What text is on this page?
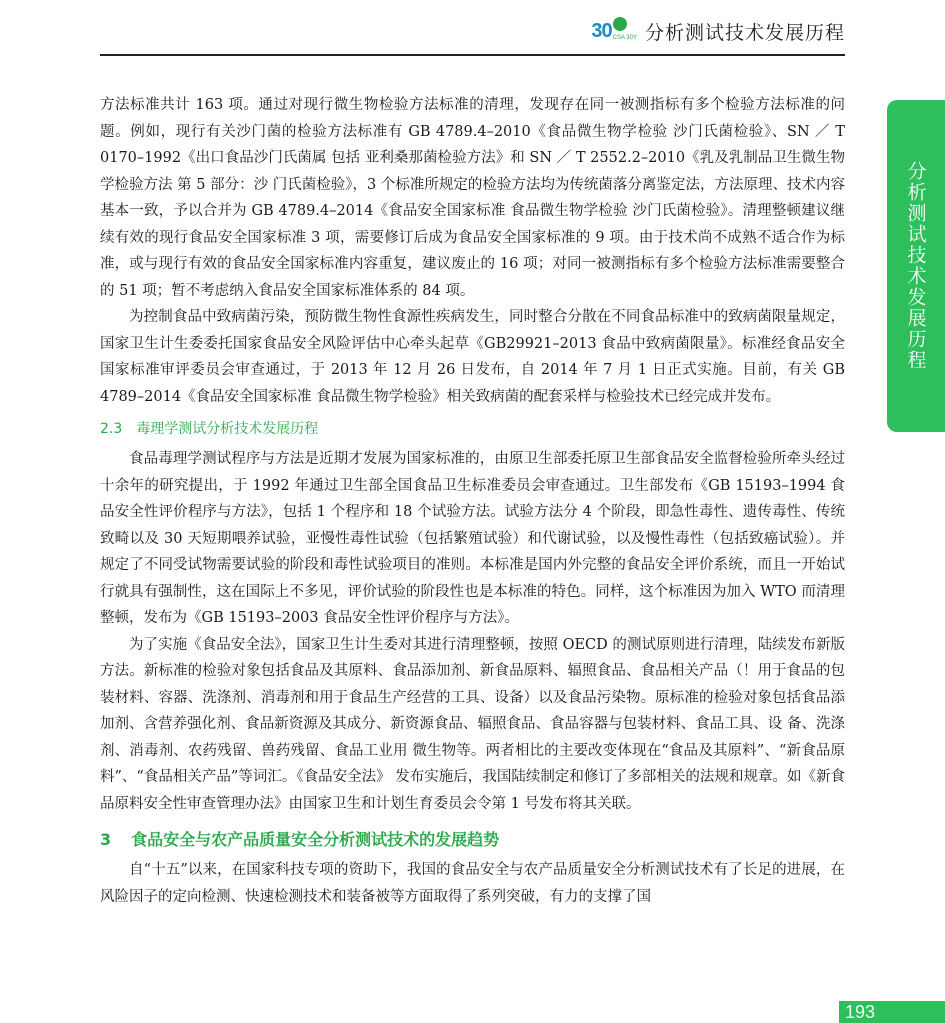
30 CSA 30Y 分析测试技术发展历程
分析测试技术发展历程

方法标准共计 163 项。通过对现行微生物检验方法标准的清理，发现存在同一被测指标有多个检验方法标准的问题。例如，现行有关沙门菌的检验方法标准有 GB 4789.4–2010《食品微生物学检验 沙门氏菌检验》、SN ／ T 0170–1992《出口食品沙门氏菌属 包括 亚利桑那菌检验方法》和 SN ／ T 2552.2–2010《乳及乳制品卫生微生物学检验方法 第 5 部分：沙 门氏菌检验》，3 个标准所规定的检验方法均为传统菌落分离鉴定法，方法原理、技术内容基本一致，予以合并为 GB 4789.4–2014《食品安全国家标准 食品微生物学检验 沙门氏菌检验》。清理整顿建议继续有效的现行食品安全国家标准 3 项，需要修订后成为食品安全国家标准的 9 项。由于技术尚不成熟不适合作为标准，或与现行有效的食品安全国家标准内容重复，建议废止的 16 项；对同一被测指标有多个检验方法标准需要整合的 51 项；暂不考虑纳入食品安全国家标准体系的 84 项。

为控制食品中致病菌污染，预防微生物性食源性疾病发生，同时整合分散在不同食品标准中的致病菌限量规定，国家卫生计生委委托国家食品安全风险评估中心牵头起草《GB29921–2013 食品中致病菌限量》。标准经食品安全国家标准审评委员会审查通过，于 2013 年 12 月 26 日发布，自 2014 年 7 月 1 日正式实施。目前，有关 GB 4789–2014《食品安全国家标准 食品微生物学检验》相关致病菌的配套采样与检验技术已经完成并发布。

2.3 毒理学测试分析技术发展历程

食品毒理学测试程序与方法是近期才发展为国家标准的，由原卫生部委托原卫生部食品安全监督检验所牵头经过十余年的研究提出，于 1992 年通过卫生部全国食品卫生标准委员会审查通过。卫生部发布《GB 15193–1994 食品安全性评价程序与方法》，包括 1 个程序和 18 个试验方法。试验方法分 4 个阶段，即急性毒性、遗传毒性、传统致畸以及 30 天短期喂养试验，亚慢性毒性试验（包括繁殖试验）和代谢试验，以及慢性毒性（包括致癌试验）。并规定了不同受试物需要试验的阶段和毒性试验项目的准则。本标准是国内外完整的食品安全评价系统，而且一开始试行就具有强制性，这在国际上不多见，评价试验的阶段性也是本标准的特色。同样，这个标准因为加入 WTO 而清理整顿，发布为《GB 15193–2003 食品安全性评价程序与方法》。

为了实施《食品安全法》，国家卫生计生委对其进行清理整顿，按照 OECD 的测试原则进行清理，陆续发布新版方法。新标准的检验对象包括食品及其原料、食品添加剂、新食品原料、辐照食品、食品相关产品（！用于食品的包装材料、容器、洗涤剂、消毒剂和用于食品生产经营的工具、设备）以及食品污染物。原标准的检验对象包括食品添加剂、含营养强化剂、食品新资源及其成分、新资源食品、辐照食品、食品容器与包装材料、食品工具、设 备、洗涤剂、消毒剂、农药残留、兽药残留、食品工业用 微生物等。两者相比的主要改变体现在“食品及其原料”、“新食品原料”、“食品相关产品”等词汇。《食品安全法》 发布实施后，我国陆续制定和修订了多部相关的法规和规章。如《新食品原料安全性审查管理办法》由国家卫生和计划生育委员会令第 1 号发布将其关联。

3 食品安全与农产品质量安全分析测试技术的发展趋势

自“十五”以来，在国家科技专项的资助下，我国的食品安全与农产品质量安全分析测试技术有了长足的进展，在风险因子的定向检测、快速检测技术和装备被等方面取得了系列突破，有力的支撑了国

193
